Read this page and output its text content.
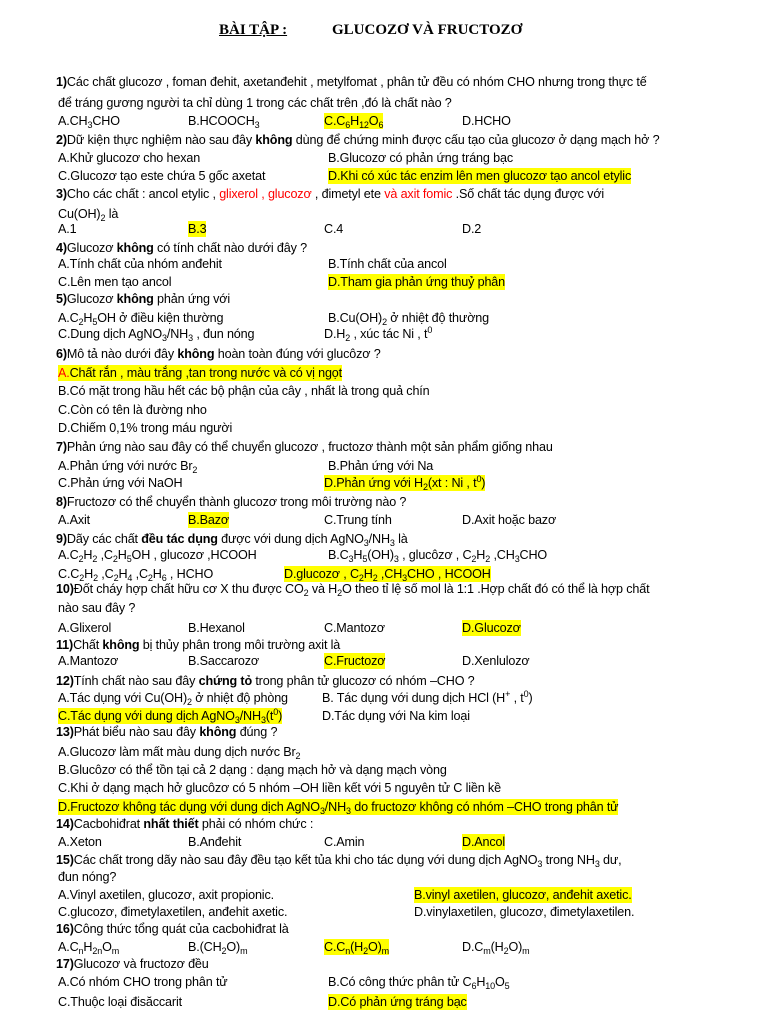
BÀI TẬP :	GLUCOZƠ VÀ FRUCTOZƠ
1)Các chất glucozơ , foman đehit, axetanđehit , metylfomat , phân tử đều có nhóm CHO nhưng trong thực tế
để tráng gương người ta chỉ dùng 1 trong các chất trên ,đó là chất nào ?
$A.CH_3CHO$	$B.HCOOCH_3$	$C.C_6H_{12}O_6$	D.HCHO
2)Dữ kiện thực nghiệm nào sau đây không dùng để chứng minh được cấu tạo của glucozơ ở dạng mạch hở ?
A.Khử glucozơ cho hexan	B.Glucozơ có phản ứng tráng bạc
C.Glucozơ tạo este chứa 5 gốc axetat	D.Khi có xúc tác enzim lên men glucozơ tạo ancol etylic
3)Cho các chất : ancol etylic , glixerol , glucozơ , đimetyl ete và axit fomic .Số chất tác dụng được với
$Cu(OH)_2$ là
A.1	B.3	C.4	D.2
4)Glucozơ không có tính chất nào dưới đây ?
A.Tính chất của nhóm anđehit	B.Tính chất của ancol
C.Lên men tạo ancol	D.Tham gia phản ứng thuỷ phân
5)Glucozơ không phản ứng với
$A.C_2H_5OH$ ở điều kiện thường	$B.Cu(OH)_2$ ở nhiệt độ thường
C.Dung dịch $AgNO_3/NH_3$ , đun nóng	$D.H_2$ , xúc tác Ni , $t^0$
6)Mô tả nào dưới đây không hoàn toàn đúng với glucôzơ ?
A.Chất rắn , màu trắng ,tan trong nước và có vị ngọt
B.Có mặt trong hầu hết các bộ phận của cây , nhất là trong quả chín
C.Còn có tên là đường nho
D.Chiếm 0,1% trong máu người
7)Phản ứng nào sau đây có thể chuyển glucozơ , fructozơ thành một sản phẩm giống nhau
A.Phản ứng với nước $Br_2$	B.Phản ứng với Na
C.Phản ứng với NaOH	D.Phản ứng với $H_2(xt$ : Ni , $t^0$)
8)Fructozơ có thể chuyển thành glucozơ trong môi trường nào ?
A.Axit	B.Bazơ	C.Trung tính	D.Axit hoặc bazơ
9)Dãy các chất đều tác dụng được với dung dịch $AgNO_3/NH_3$ là
$A.C_2H_2$ $,C_2H_5OH$ , glucozơ ,HCOOH	$B.C_3H_5(OH)_3$ , glucôzơ , $C_2H_2$ $,CH_3CHO$
$C.C_2H_2$ $,C_2H_4$ $,C_2H_6$ , HCHO	D.glucozơ , $C_2H_2$ $,CH_3CHO$ , HCOOH
10)Đốt cháy hợp chất hữu cơ X thu được $CO_2$ và $H_2O$ theo tỉ lệ số mol là 1:1 .Hợp chất đó có thể là hợp chất
nào sau đây ?
A.Glixerol	B.Hexanol	C.Mantozơ	D.Glucozơ
11)Chất không bị thủy phân trong môi trường axit là
A.Mantozơ	B.Saccarozơ	C.Fructozơ	D.Xenlulozơ
12)Tính chất nào sau đây chứng tỏ trong phân tử glucozơ có nhóm –CHO ?
A.Tác dụng với $Cu(OH)_2$ ở nhiệt độ phòng	B. Tác dụng với dung dịch HCl (H+ , $t^0$)
C.Tác dụng với dung dịch $AgNO_3/NH_3(t^0)$	D.Tác dụng với Na kim loại
13)Phát biểu nào sau đây không đúng ?
A.Glucozơ làm mất màu dung dịch nước $Br_2$
B.Glucôzơ có thể tồn tại cả 2 dạng : dạng mạch hở và dạng mạch vòng
C.Khi ở dạng mạch hở glucôzơ có 5 nhóm –OH liền kết với 5 nguyên tử C liền kề
D.Fructozơ không tác dụng với dung dịch $AgNO_3/NH_3$ do fructozơ không có nhóm –CHO trong phân tử
14)Cacbohiđrat nhất thiết phải có nhóm chức :
A.Xeton	B.Anđehit	C.Amin	D.Ancol
15)Các chất trong dãy nào sau đây đều tạo kết tủa khi cho tác dụng với dung dịch AgNO$_3$ trong $NH_3$ dư,
đun nóng?
A.Vinyl axetilen, glucozơ, axit propionic.	B.vinyl axetilen, glucozơ, anđehit axetic.
C.glucozơ, đimetylaxetilen, anđehit axetic.	D.vinylaxetilen, glucozơ, đimetylaxetilen.
16)Công thức tổng quát của cacbohiđrat là
$A.C_nH_{2n}O_m$	$B.(CH_2O)_m$	$C.C_n(H_2O)_m$	$D.C_m(H_2O)_m$
17)Glucozơ và fructozơ đều
A.Có nhóm CHO trong phân tử	B.Có công thức phân tử $C_6H_{10}O_5$
C.Thuộc loại đisăccarit	D.Có phản ứng tráng bạc
